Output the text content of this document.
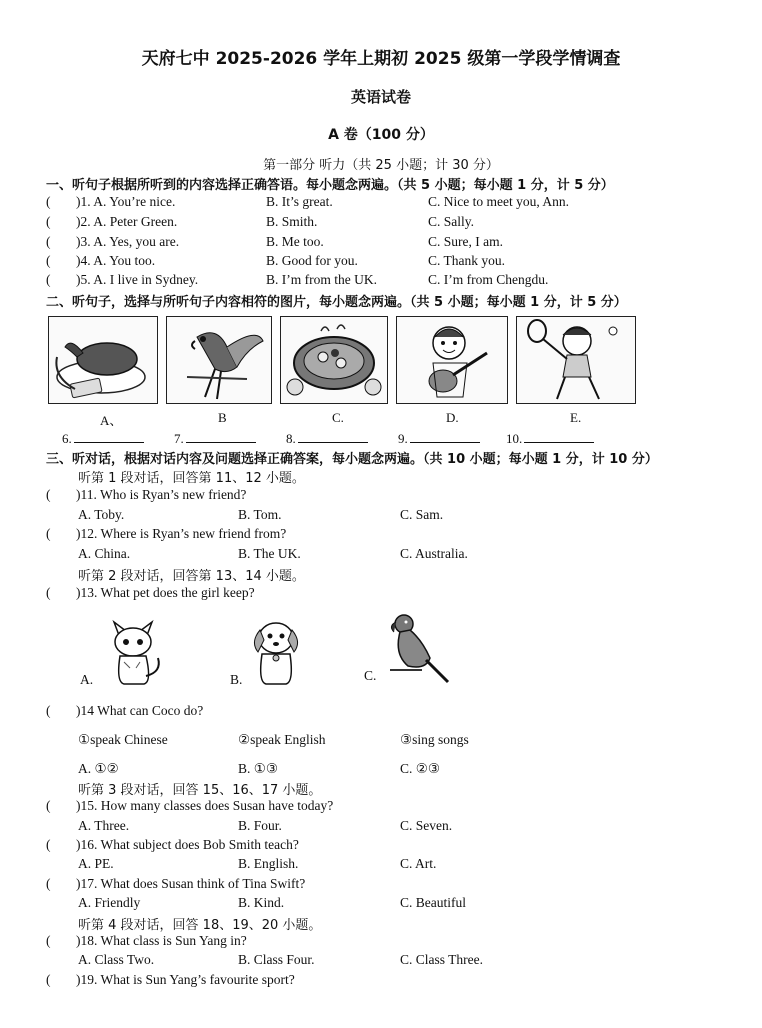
天府七中 2025-2026 学年上期初 2025 级第一学段学情调查
英语试卷
A 卷（100 分）
第一部分 听力（共 25 小题；计 30 分）
一、听句子根据所听到的内容选择正确答语。每小题念两遍。（共 5 小题；每小题 1 分，计 5 分）
( )1. A. You’re nice.	B. It’s great.	C. Nice to meet you, Ann.
( )2. A. Peter Green.	B. Smith.	C. Sally.
( )3. A. Yes, you are.	B. Me too.	C. Sure, I am.
( )4. A. You too.	B. Good for you.	C. Thank you.
( )5. A. I live in Sydney.	B. I’m from the UK.	C. I’m from Chengdu.
二、听句子，选择与所听句子内容相符的图片，每小题念两遍。（共 5 小题；每小题 1 分，计 5 分）
A、	B	C.	D.	E.
6.	7.	8.	9.	10.
三、听对话，根据对话内容及问题选择正确答案，每小题念两遍。（共 10 小题；每小题 1 分，计 10 分）
听第 1 段对话，回答第 11、12 小题。
( )11. Who is Ryan’s new friend?
A. Toby.	B. Tom.	C. Sam.
( )12. Where is Ryan’s new friend from?
A. China.	B. The UK.	C. Australia.
听第 2 段对话，回答第 13、14 小题。
( )13. What pet does the girl keep?
A.	B.	C.
( )14 What can Coco do?
①speak Chinese	②speak English	③sing songs
A. ①②	B. ①③	C. ②③
听第 3 段对话，回答 15、16、17 小题。
( )15. How many classes does Susan have today?
A. Three.	B. Four.	C. Seven.
( )16. What subject does Bob Smith teach?
A. PE.	B. English.	C. Art.
( )17. What does Susan think of Tina Swift?
A. Friendly	B. Kind.	C. Beautiful
听第 4 段对话，回答 18、19、20 小题。
( )18. What class is Sun Yang in?
A. Class Two.	B. Class Four.	C. Class Three.
( )19. What is Sun Yang’s favourite sport?
